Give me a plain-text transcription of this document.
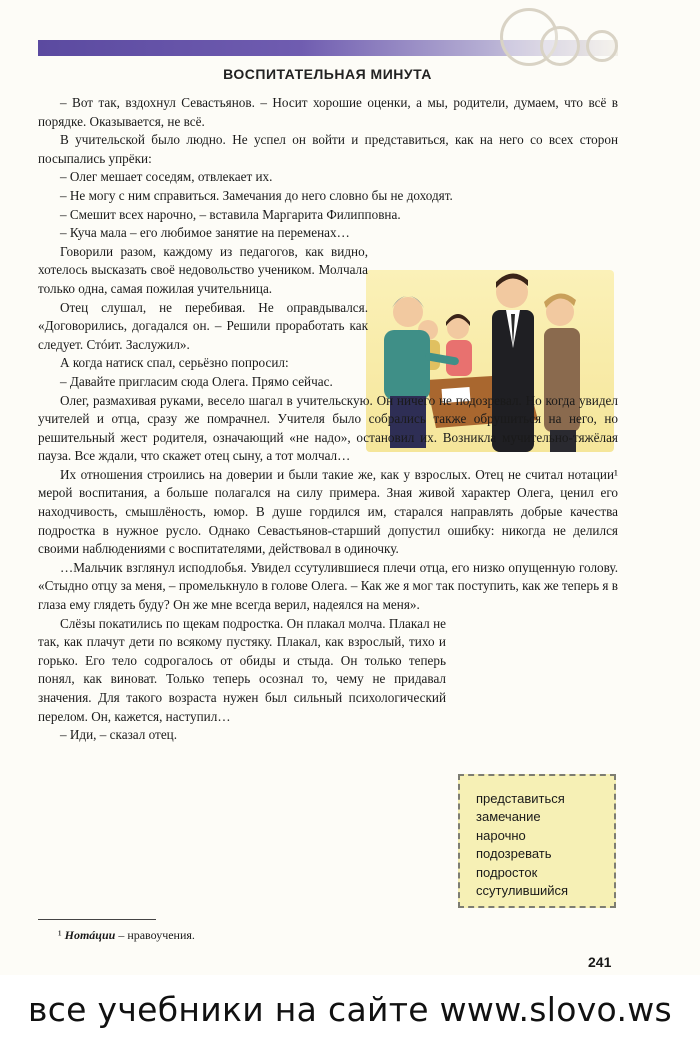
ВОСПИТАТЕЛЬНАЯ МИНУТА

– Вот так, вздохнул Севастьянов. – Носит хорошие оценки, а мы, родители, думаем, что всё в порядке. Оказывается, не всё.

В учительской было людно. Не успел он войти и представиться, как на него со всех сторон посыпались упрёки:

– Олег мешает соседям, отвлекает их.

– Не могу с ним справиться. Замечания до него словно бы не доходят.

– Смешит всех нарочно, – вставила Маргарита Филипповна.

– Куча мала – его любимое занятие на переменах…

Говорили разом, каждому из педагогов, как видно, хотелось высказать своё недовольство учеником. Молчала только одна, самая пожилая учительница.

Отец слушал, не перебивая. Не оправдывался. «Договорились, догадался он. – Решили проработать как следует. Стóит. Заслужил».

А когда натиск спал, серьёзно попросил:

– Давайте пригласим сюда Олега. Прямо сейчас.

Олег, размахивая руками, весело шагал в учительскую. Он ничего не подозревал. Но когда увидел учителей и отца, сразу же помрачнел. Учителя было собрались также обрушиться на него, но решительный жест родителя, означающий «не надо», остановил их. Возникла мучительно-тяжёлая пауза. Все ждали, что скажет отец сыну, а тот молчал…

Их отношения строились на доверии и были такие же, как у взрослых. Отец не считал нотации¹ мерой воспитания, а больше полагался на силу примера. Зная живой характер Олега, ценил его находчивость, смышлёность, юмор. В душе гордился им, старался направлять добрые качества подростка в нужное русло. Однако Севастьянов-старший допустил ошибку: никогда не делился своими наблюдениями с воспитателями, действовал в одиночку.

…Мальчик взглянул исподлобья. Увидел ссутулившиеся плечи отца, его низко опущенную голову. «Стыдно отцу за меня, – промелькнуло в голове Олега. – Как же я мог так поступить, как же теперь я в глаза ему глядеть буду? Он же мне всегда верил, надеялся на меня».

Слёзы покатились по щекам подростка. Он плакал молча. Плакал не так, как плачут дети по всякому пустяку. Плакал, как взрослый, тихо и горько. Его тело содрогалось от обиды и стыда. Он только теперь понял, как виноват. Только теперь осознал то, чему не придавал значения. Для такого возраста нужен был сильный психологический перелом. Он, кажется, наступил…

– Иди, – сказал отец.

представиться
замечание
нарочно
подозревать
подросток
ссутулившийся
¹ Нотáции – нравоучения.
241
все учебники на сайте www.slovo.ws
